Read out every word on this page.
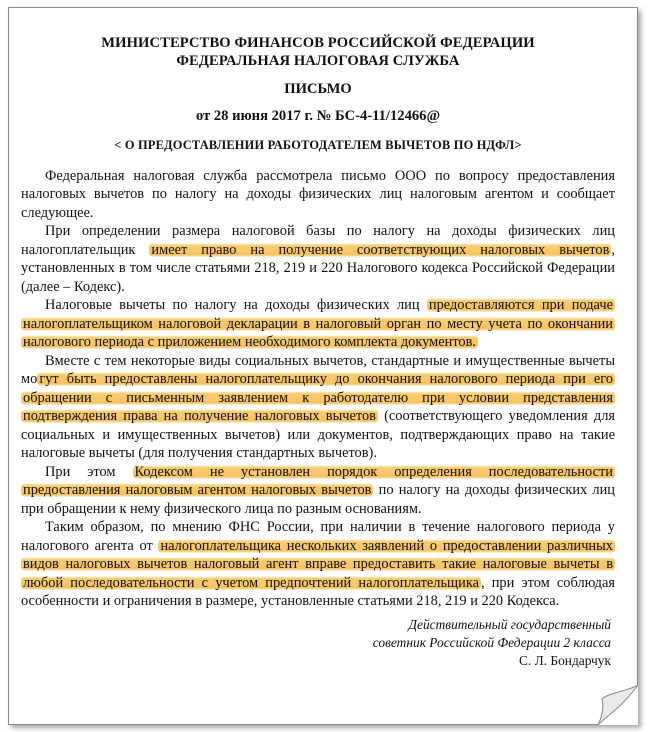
МИНИСТЕРСТВО ФИНАНСОВ РОССИЙСКОЙ ФЕДЕРАЦИИ
ФЕДЕРАЛЬНАЯ НАЛОГОВАЯ СЛУЖБА
ПИСЬМО
от 28 июня 2017 г. № БС-4-11/12466@
< О ПРЕДОСТАВЛЕНИИ РАБОТОДАТЕЛЕМ ВЫЧЕТОВ ПО НДФЛ>

Федеральная налоговая служба рассмотрела письмо ООО по вопросу предоставления налоговых вычетов по налогу на доходы физических лиц налоговым агентом и сообщает следующее.

При определении размера налоговой базы по налогу на доходы физических лиц налогоплательщик имеет право на получение соответствующих налоговых вычетов , установленных в том числе статьями 218, 219 и 220 Налогового кодекса Российской Федерации (далее – Кодекс).

Налоговые вычеты по налогу на доходы физических лиц предоставляются при подаче налогоплательщиком налоговой декларации в налоговый орган по месту учета по окончании налогового периода с приложением необходимого комплекта документов.

Вместе с тем некоторые виды социальных вычетов, стандартные и имущественные вычеты мо гут быть предоставлены налогоплательщику до окончания налогового периода при его обращении с письменным заявлением к работодателю при условии представления подтверждения права на получение налоговых вычетов (соответствующего уведомления для социальных и имущественных вычетов) или документов, подтверждающих право на такие налоговые вычеты (для получения стандартных вычетов).

При этом Кодексом не установлен порядок определения последовательности предоставления налоговым агентом налоговых вычетов по налогу на доходы физических лиц при обращении к нему физического лица по разным основаниям.

Таким образом, по мнению ФНС России, при наличии в течение налогового периода у налогового агента от налогоплательщика нескольких заявлений о предоставлении различных видов налоговых вычетов налоговый агент вправе предоставить такие налоговые вычеты в любой последовательности с учетом предпочтений налогоплательщика , при этом соблюдая особенности и ограничения в размере, установленные статьями 218, 219 и 220 Кодекса.

Действительный государственный
советник Российской Федерации 2 класса
С. Л. Бондарчук
